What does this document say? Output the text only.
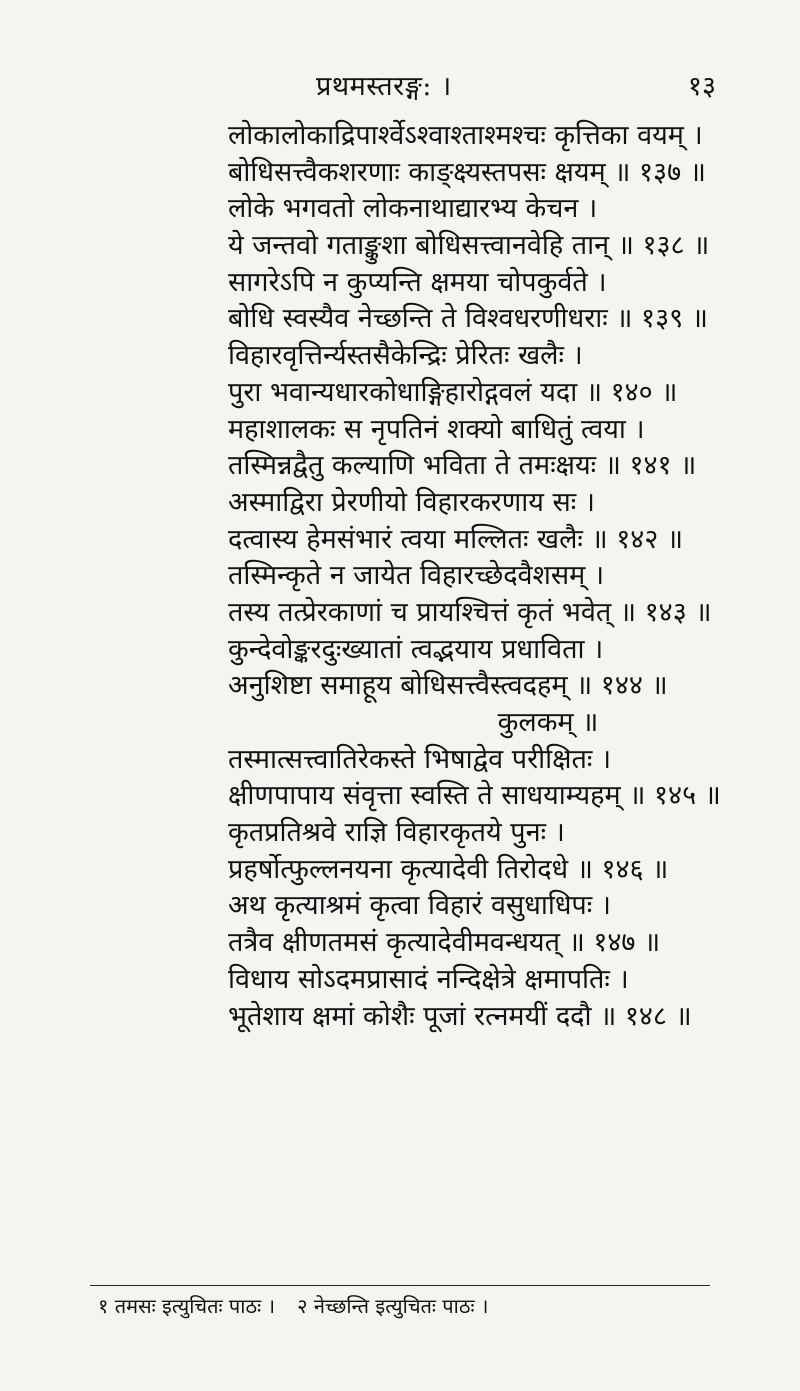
प्रथमस्तरङ्ग: ।	१३
लोकालोकाद्रिपार्श्वेऽश्वाश्ताश्मश्चः कृत्तिका वयम् ।
बोधिसत्त्वैकशरणाः काङ्क्ष्यस्तपसः क्षयम् ॥ १३७ ॥
लोके भगवतो लोकनाथाद्यारभ्य केचन ।
ये जन्तवो गताङ्कुशा बोधिसत्त्वानवेहि तान् ॥ १३८ ॥
सागरेऽपि न कुप्यन्ति क्षमया चोपकुर्वते ।
बोधि स्वस्यैव नेच्छन्ति ते विश्वधरणीधराः ॥ १३९ ॥
विहारवृत्तिर्न्यस्तसैकेन्द्रिः प्रेरितः खलैः ।
पुरा भवान्यधारकोधाङ्गिहारोद्गवलं यदा ॥ १४० ॥
महाशालकः स नृपतिनं शक्यो बाधितुं त्वया ।
तस्मिन्नद्वैतु कल्याणि भविता ते तमःक्षयः ॥ १४१ ॥
अस्माद्विरा प्रेरणीयो विहारकरणाय सः ।
दत्वास्य हेमसंभारं त्वया मल्लितः खलैः ॥ १४२ ॥
तस्मिन्कृते न जायेत विहारच्छेदवैशसम् ।
तस्य तत्प्रेरकाणां च प्रायश्चित्तं कृतं भवेत् ॥ १४३ ॥
कुन्देवोङ्करदुःख्यातां त्वद्भयाय प्रधाविता ।
अनुशिष्टा समाहूय बोधिसत्त्वैस्त्वदहम् ॥ १४४ ॥
कुलकम् ॥
तस्मात्सत्त्वातिरेकस्ते भिषाद्वेव परीक्षितः ।
क्षीणपापाय संवृत्ता स्वस्ति ते साधयाम्यहम् ॥ १४५ ॥
कृतप्रतिश्रवे राज्ञि विहारकृतये पुनः ।
प्रहर्षोत्फुल्लनयना कृत्यादेवी तिरोदधे ॥ १४६ ॥
अथ कृत्याश्रमं कृत्वा विहारं वसुधाधिपः ।
तत्रैव क्षीणतमसं कृत्यादेवीमवन्धयत् ॥ १४७ ॥
विधाय सोऽदमप्रासादं नन्दिक्षेत्रे क्षमापतिः ।
भूतेशाय क्षमां कोशैः पूजां रत्नमयीं ददौ ॥ १४८ ॥
१ तमसः इत्युचितः पाठः । २ नेच्छन्ति इत्युचितः पाठः ।
